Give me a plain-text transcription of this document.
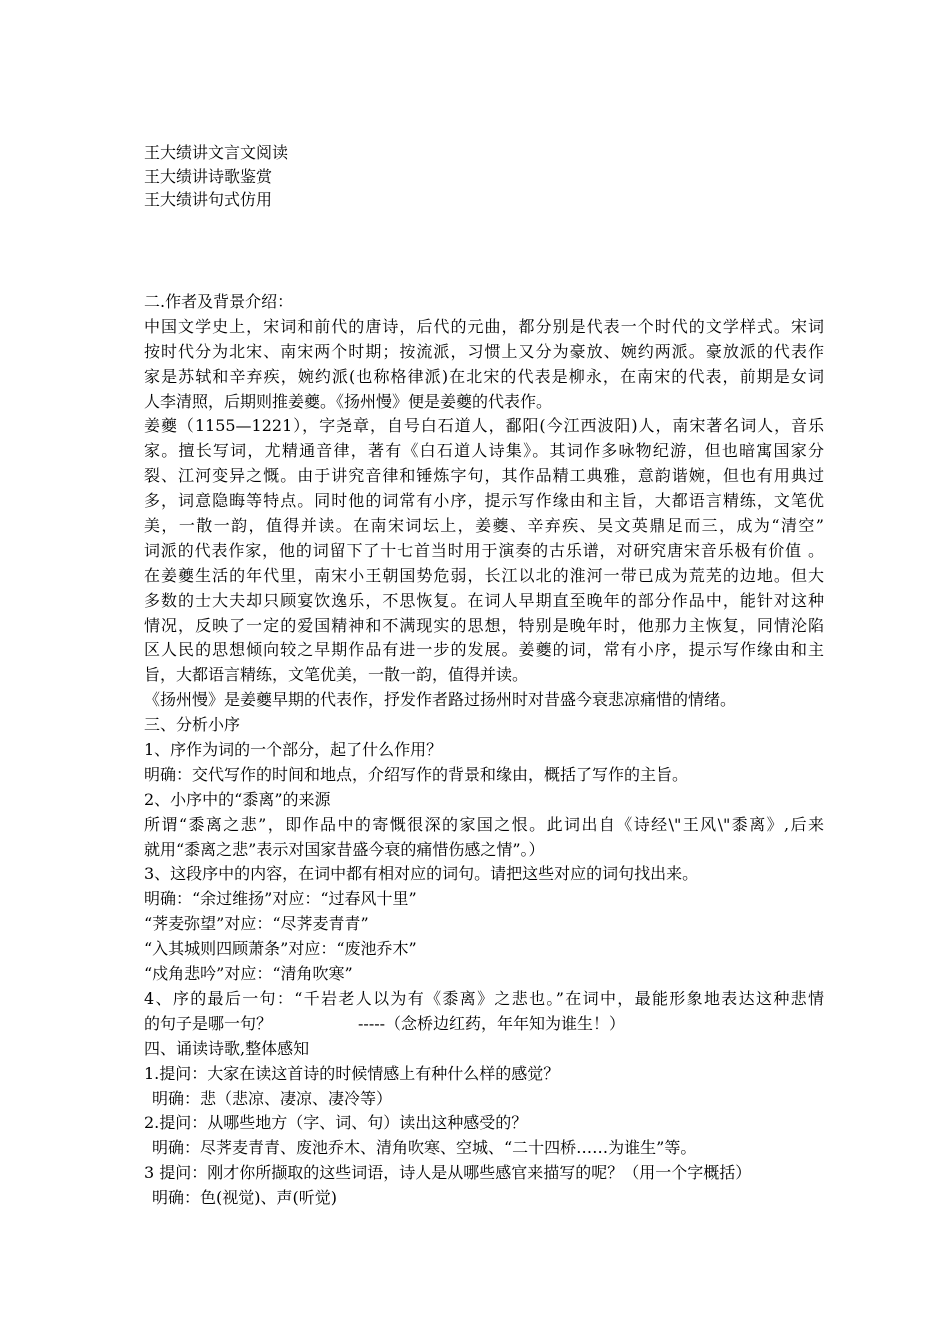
王大绩讲文言文阅读
王大绩讲诗歌鉴赏
王大绩讲句式仿用
二.作者及背景介绍：
中国文学史上，宋词和前代的唐诗，后代的元曲，都分别是代表一个时代的文学样式。宋词
按时代分为北宋、南宋两个时期；按流派，习惯上又分为豪放、婉约两派。豪放派的代表作
家是苏轼和辛弃疾，婉约派(也称格律派)在北宋的代表是柳永，在南宋的代表，前期是女词
人李清照，后期则推姜夔。《扬州慢》便是姜夔的代表作。
姜夔（1155—1221），字尧章，自号白石道人，鄱阳(今江西波阳)人，南宋著名词人，音乐
家。擅长写词，尤精通音律，著有《白石道人诗集》。其词作多咏物纪游，但也暗寓国家分
裂、江河变异之慨。由于讲究音律和锤炼字句，其作品精工典雅，意韵谐婉，但也有用典过
多，词意隐晦等特点。同时他的词常有小序，提示写作缘由和主旨，大都语言精练，文笔优
美，一散一韵，值得并读。在南宋词坛上，姜夔、辛弃疾、吴文英鼎足而三，成为“清空”
词派的代表作家，他的词留下了十七首当时用于演奏的古乐谱，对研究唐宋音乐极有价值 。
在姜夔生活的年代里，南宋小王朝国势危弱，长江以北的淮河一带已成为荒芜的边地。但大
多数的士大夫却只顾宴饮逸乐，不思恢复。在词人早期直至晚年的部分作品中，能针对这种
情况，反映了一定的爱国精神和不满现实的思想，特别是晚年时，他那力主恢复，同情沦陷
区人民的思想倾向较之早期作品有进一步的发展。姜夔的词，常有小序，提示写作缘由和主
旨，大都语言精练，文笔优美，一散一韵，值得并读。
《扬州慢》是姜夔早期的代表作，抒发作者路过扬州时对昔盛今衰悲凉痛惜的情绪。
三、分析小序
1、序作为词的一个部分，起了什么作用？
明确：交代写作的时间和地点，介绍写作的背景和缘由，概括了写作的主旨。
2、小序中的“黍离”的来源
所谓“黍离之悲”，即作品中的寄慨很深的家国之恨。此词出自《诗经\"王风\"黍离》,后来
就用“黍离之悲”表示对国家昔盛今衰的痛惜伤感之情”。）
3、这段序中的内容，在词中都有相对应的词句。请把这些对应的词句找出来。
明确：“余过维扬”对应：“过春风十里”
“荠麦弥望”对应：“尽荠麦青青”
“入其城则四顾萧条”对应：“废池乔木”
“戍角悲吟”对应：“清角吹寒”
4、序的最后一句：“千岩老人以为有《黍离》之悲也。”在词中，最能形象地表达这种悲情
的句子是哪一句？	-----（念桥边红药，年年知为谁生！）
四、诵读诗歌,整体感知
1.提问：大家在读这首诗的时候情感上有种什么样的感觉？
明确：悲（悲凉、凄凉、凄冷等）
2.提问：从哪些地方（字、词、句）读出这种感受的？
明确：尽荠麦青青、废池乔木、清角吹寒、空城、“二十四桥……为谁生”等。
3 提问：刚才你所撷取的这些词语，诗人是从哪些感官来描写的呢？（用一个字概括）
明确：色(视觉)、声(听觉)
